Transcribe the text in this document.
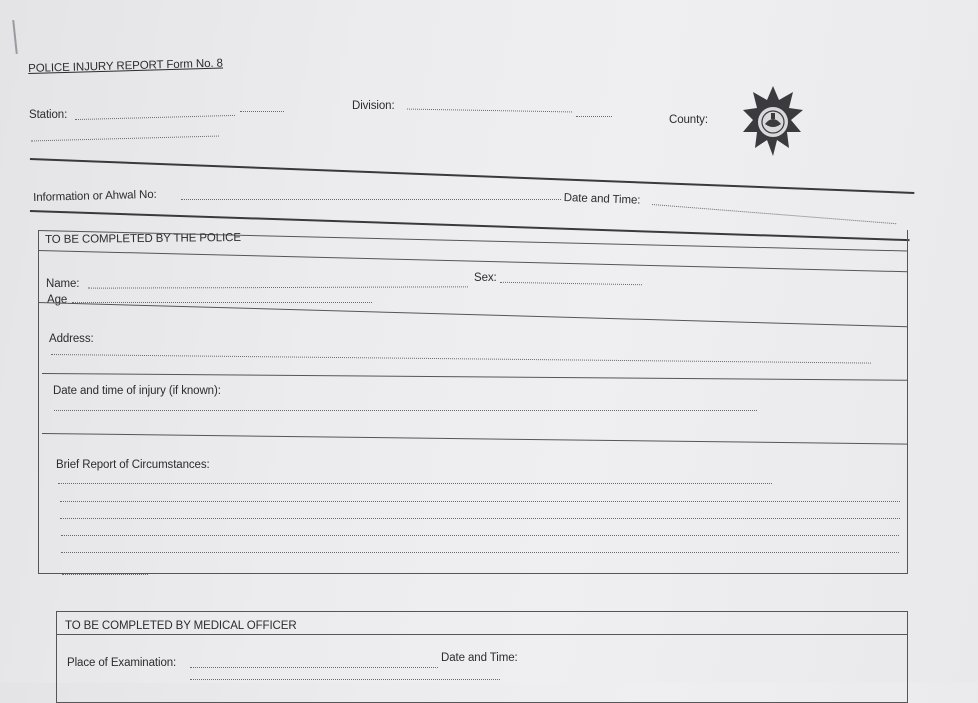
POLICE INJURY REPORT Form No. 8
Station:
Division:
County:
Information or Ahwal No:	Date and Time:
TO BE COMPLETED BY THE POLICE
Name:	Sex:
Age
Address:
Date and time of injury (if known):
Brief Report of Circumstances:
TO BE COMPLETED BY MEDICAL OFFICER
Place of Examination:	Date and Time:
